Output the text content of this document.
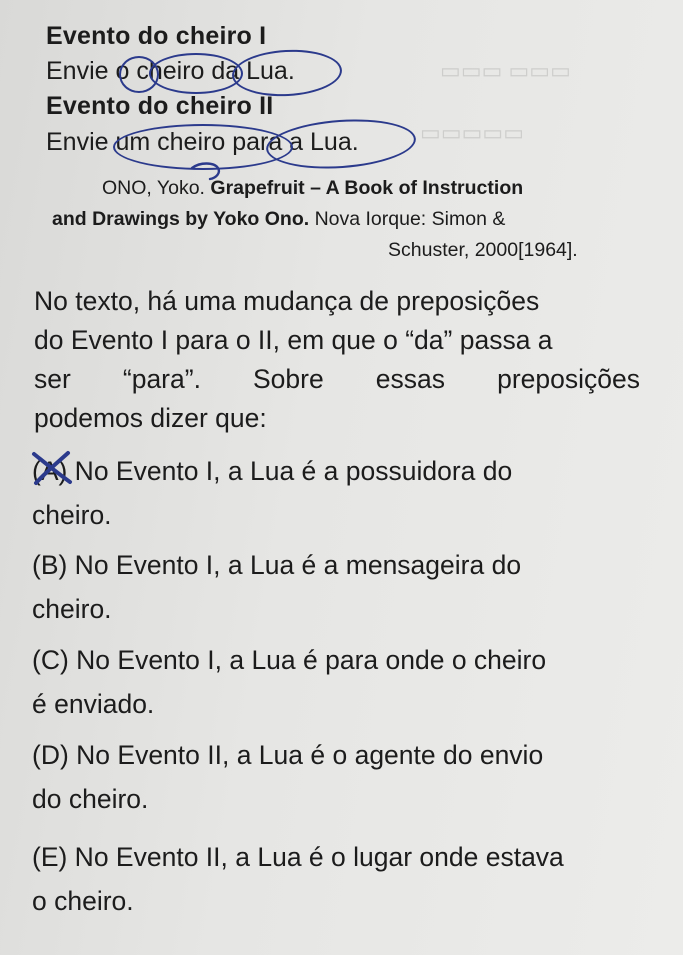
▭▭▭ ▭▭▭
▭▭▭▭▭
Evento do cheiro I
Envie o cheiro da Lua.
Evento do cheiro II
Envie um cheiro para a Lua.
ONO, Yoko. Grapefruit – A Book of Instruction
and Drawings by Yoko Ono. Nova Iorque: Simon &
Schuster, 2000[1964].
No texto, há uma mudança de preposições
do Evento I para o II, em que o “da” passa a
ser “para”. Sobre essas preposições
podemos dizer que:
(A) No Evento I, a Lua é a possuidora do
cheiro.
(B) No Evento I, a Lua é a mensageira do
cheiro.
(C) No Evento I, a Lua é para onde o cheiro
é enviado.
(D) No Evento II, a Lua é o agente do envio
do cheiro.
(E) No Evento II, a Lua é o lugar onde estava
o cheiro.
